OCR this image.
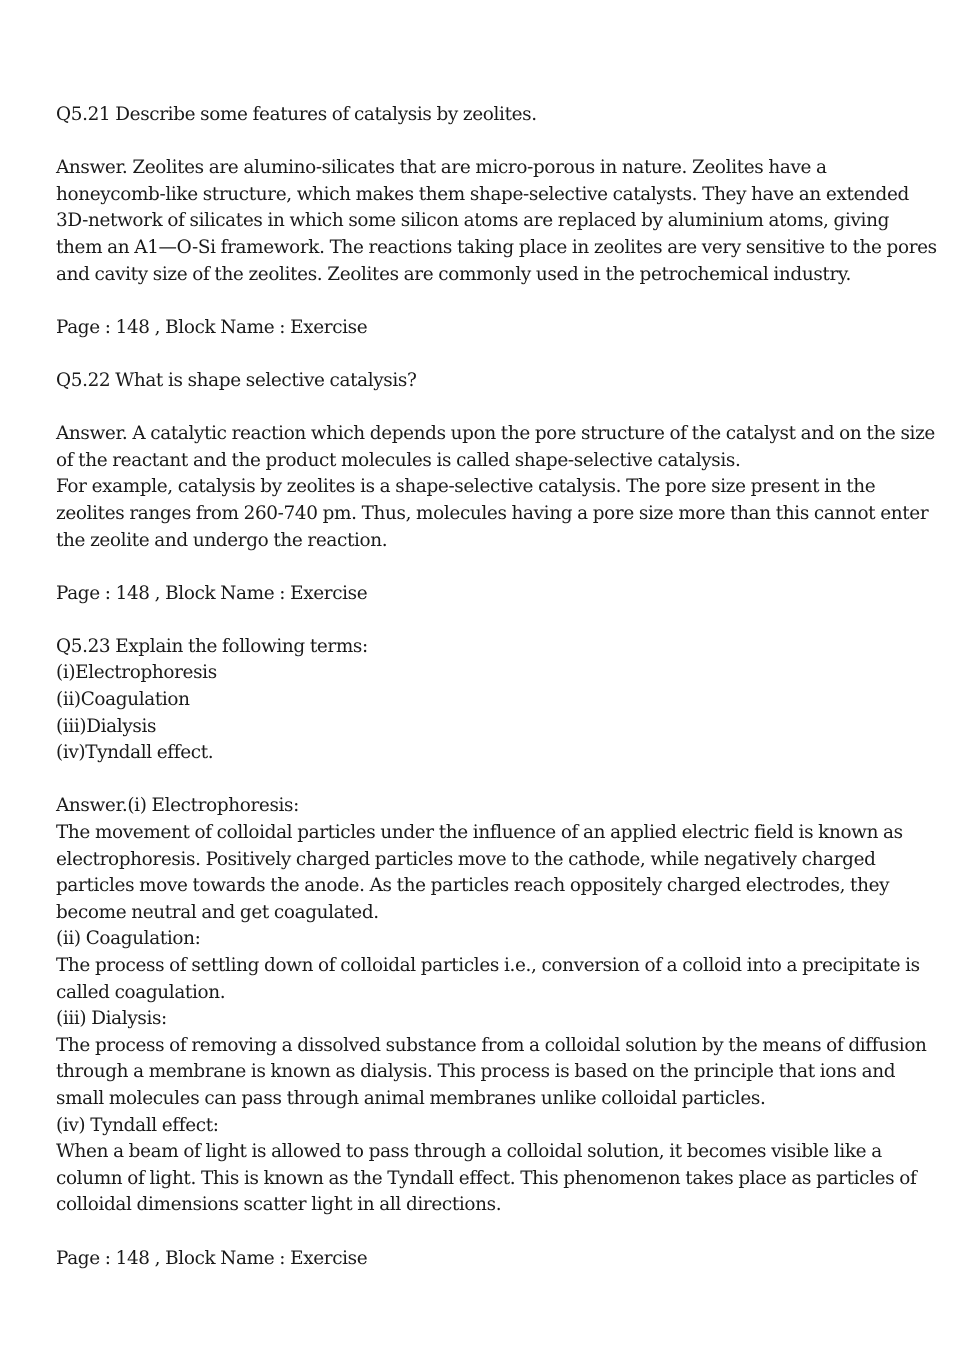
Q5.21 Describe some features of catalysis by zeolites.
Answer. Zeolites are alumino-silicates that are micro-porous in nature. Zeolites have a
honeycomb-like structure, which makes them shape-selective catalysts. They have an extended
3D-network of silicates in which some silicon atoms are replaced by aluminium atoms, giving
them an A1—O-Si framework. The reactions taking place in zeolites are very sensitive to the pores
and cavity size of the zeolites. Zeolites are commonly used in the petrochemical industry.
Page : 148 , Block Name : Exercise
Q5.22 What is shape selective catalysis?
Answer. A catalytic reaction which depends upon the pore structure of the catalyst and on the size
of the reactant and the product molecules is called shape-selective catalysis.
For example, catalysis by zeolites is a shape-selective catalysis. The pore size present in the
zeolites ranges from 260-740 pm. Thus, molecules having a pore size more than this cannot enter
the zeolite and undergo the reaction.
Page : 148 , Block Name : Exercise
Q5.23 Explain the following terms:
(i)Electrophoresis
(ii)Coagulation
(iii)Dialysis
(iv)Tyndall effect.
Answer.(i) Electrophoresis:
The movement of colloidal particles under the influence of an applied electric field is known as
electrophoresis. Positively charged particles move to the cathode, while negatively charged
particles move towards the anode. As the particles reach oppositely charged electrodes, they
become neutral and get coagulated.
(ii) Coagulation:
The process of settling down of colloidal particles i.e., conversion of a colloid into a precipitate is
called coagulation.
(iii) Dialysis:
The process of removing a dissolved substance from a colloidal solution by the means of diffusion
through a membrane is known as dialysis. This process is based on the principle that ions and
small molecules can pass through animal membranes unlike colloidal particles.
(iv) Tyndall effect:
When a beam of light is allowed to pass through a colloidal solution, it becomes visible like a
column of light. This is known as the Tyndall effect. This phenomenon takes place as particles of
colloidal dimensions scatter light in all directions.
Page : 148 , Block Name : Exercise
